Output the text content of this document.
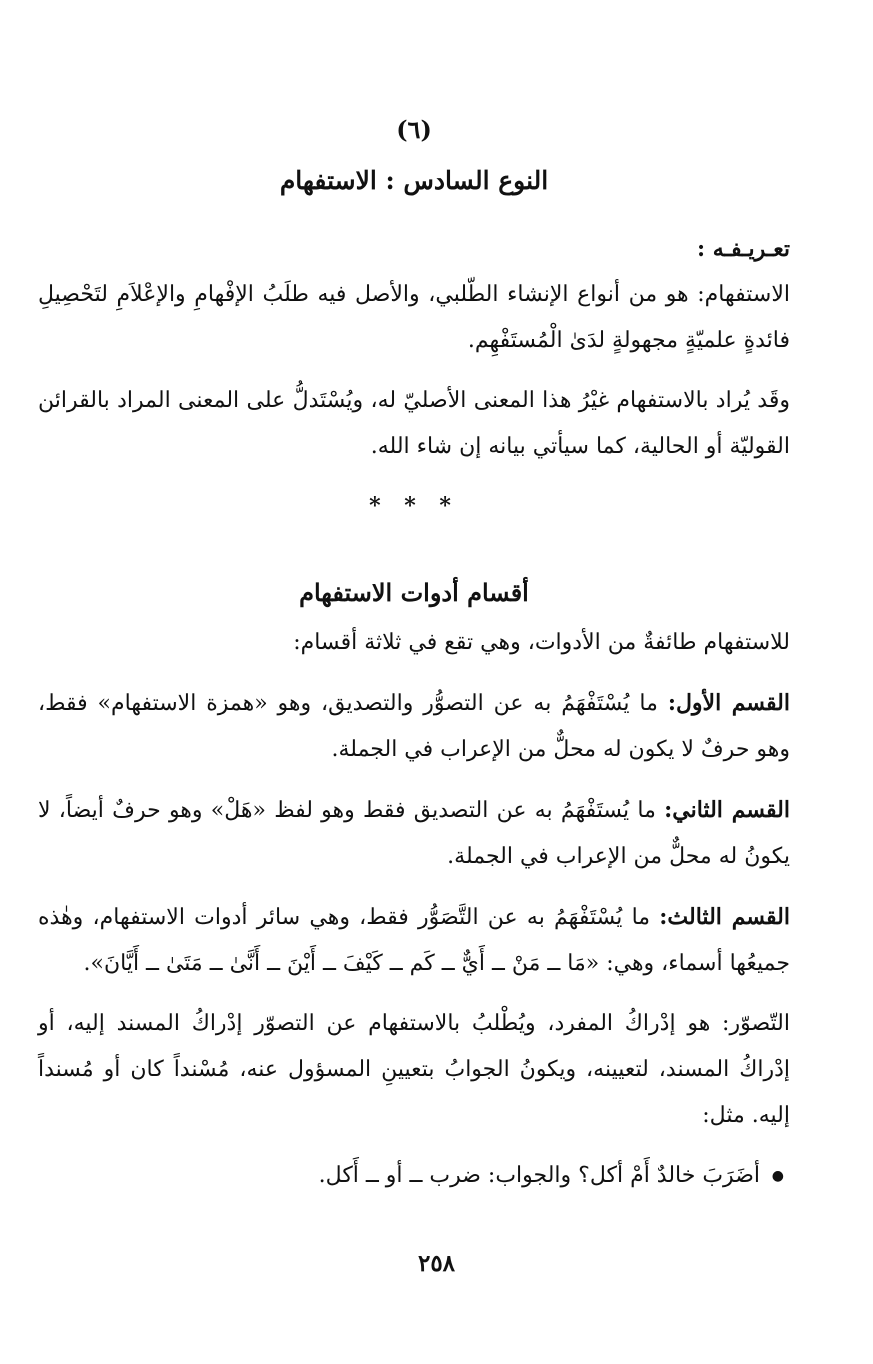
(٦)
النوع السادس : الاستفهام
تعـريـفـه :

الاستفهام: هو من أنواع الإنشاء الطّلبي، والأصل فيه طلَبُ الإفْهامِ والإعْلاَمِ لتَحْصِيلِ فائدةٍ علميّةٍ مجهولةٍ لدَىٰ الْمُستَفْهِم.

وقَد يُراد بالاستفهام غيْرُ هذا المعنى الأصليّ له، ويُسْتَدلُّ على المعنى المراد بالقرائن القوليّة أو الحالية، كما سيأتي بيانه إن شاء الله.

* * *
أقسام أدوات الاستفهام

للاستفهام طائفةٌ من الأدوات، وهي تقع في ثلاثة أقسام:

القسم الأول: ما يُسْتَفْهَمُ به عن التصوُّر والتصديق، وهو «همزة الاستفهام» فقط، وهو حرفٌ لا يكون له محلٌّ من الإعراب في الجملة.

القسم الثاني: ما يُستَفْهَمُ به عن التصديق فقط وهو لفظ «هَلْ» وهو حرفٌ أيضاً، لا يكونُ له محلٌّ من الإعراب في الجملة.

القسم الثالث: ما يُسْتَفْهَمُ به عن التَّصَوُّر فقط، وهي سائر أدوات الاستفهام، وهٰذه جميعُها أسماء، وهي: «مَا ــ مَنْ ــ أَيٌّ ــ كَم ــ كَيْفَ ــ أَيْنَ ــ أَنَّىٰ ــ مَتَىٰ ــ أَيَّانَ».

التّصوّر: هو إدْراكُ المفرد، ويُطْلبُ بالاستفهام عن التصوّر إدْراكُ المسند إليه، أو إدْراكُ المسند، لتعيينه، ويكونُ الجوابُ بتعيينِ المسؤول عنه، مُسْنداً كان أو مُسنداً إليه. مثل:

●
أضَرَبَ خالدٌ أَمْ أكل؟ والجواب: ضرب ــ أو ــ أَكل.

٢٥٨
